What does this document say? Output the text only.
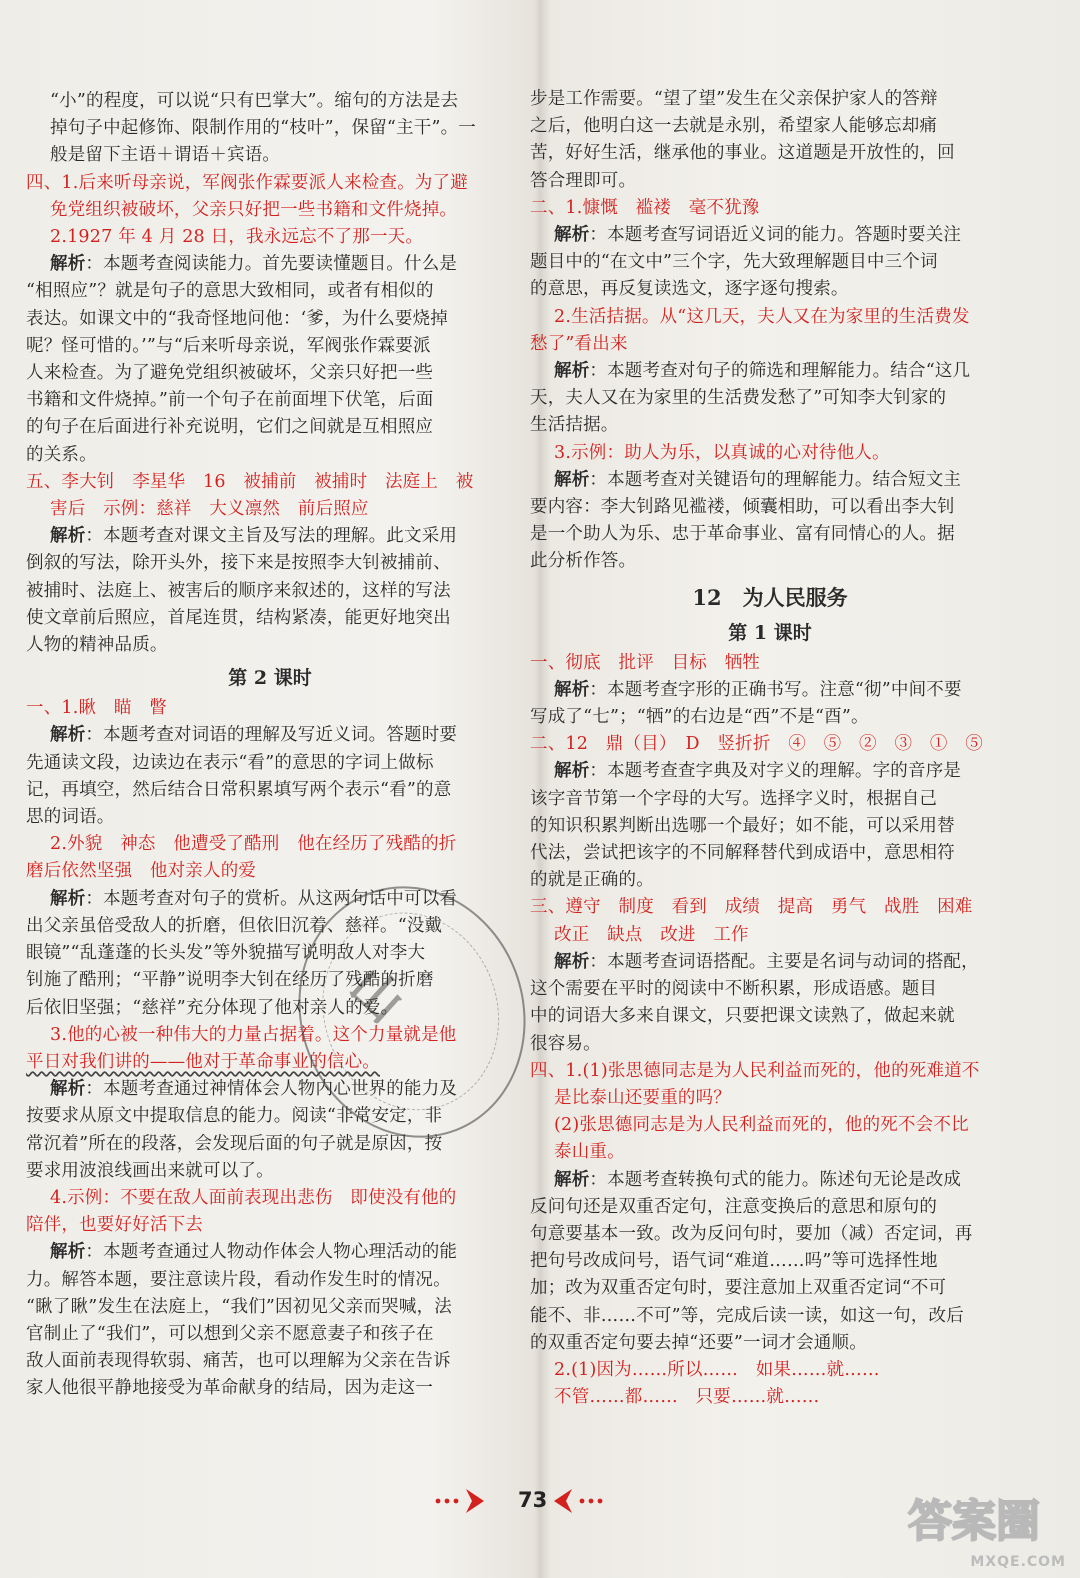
“小”的程度，可以说“只有巴掌大”。缩句的方法是去

掉句子中起修饰、限制作用的“枝叶”，保留“主干”。一

般是留下主语＋谓语＋宾语。

四、1.后来听母亲说，军阀张作霖要派人来检查。为了避

免党组织被破坏，父亲只好把一些书籍和文件烧掉。

2.1927 年 4 月 28 日，我永远忘不了那一天。

解析：本题考查阅读能力。首先要读懂题目。什么是

“相照应”？就是句子的意思大致相同，或者有相似的

表达。如课文中的“我奇怪地问他：‘爹，为什么要烧掉

呢？怪可惜的。’”与“后来听母亲说，军阀张作霖要派

人来检查。为了避免党组织被破坏，父亲只好把一些

书籍和文件烧掉。”前一个句子在前面埋下伏笔，后面

的句子在后面进行补充说明，它们之间就是互相照应

的关系。

五、李大钊　李星华　16　被捕前　被捕时　法庭上　被

害后　示例：慈祥　大义凛然　前后照应

解析：本题考查对课文主旨及写法的理解。此文采用

倒叙的写法，除开头外，接下来是按照李大钊被捕前、

被捕时、法庭上、被害后的顺序来叙述的，这样的写法

使文章前后照应，首尾连贯，结构紧凑，能更好地突出

人物的精神品质。

第 2 课时

一、1.瞅　瞄　瞥

解析：本题考查对词语的理解及写近义词。答题时要

先通读文段，边读边在表示“看”的意思的字词上做标

记，再填空，然后结合日常积累填写两个表示“看”的意

思的词语。

2.外貌　神态　他遭受了酷刑　他在经历了残酷的折

磨后依然坚强　他对亲人的爱

解析：本题考查对句子的赏析。从这两句话中可以看

出父亲虽倍受敌人的折磨，但依旧沉着、慈祥。“没戴

眼镜”“乱蓬蓬的长头发”等外貌描写说明敌人对李大

钊施了酷刑；“平静”说明李大钊在经历了残酷的折磨

后依旧坚强；“慈祥”充分体现了他对亲人的爱。

3.他的心被一种伟大的力量占据着。这个力量就是他

平日对我们讲的——他对于革命事业的信心。

解析：本题考查通过神情体会人物内心世界的能力及

按要求从原文中提取信息的能力。阅读“非常安定，非

常沉着”所在的段落，会发现后面的句子就是原因，按

要求用波浪线画出来就可以了。

4.示例：不要在敌人面前表现出悲伤　即使没有他的

陪伴，也要好好活下去

解析：本题考查通过人物动作体会人物心理活动的能

力。解答本题，要注意读片段，看动作发生时的情况。

“瞅了瞅”发生在法庭上，“我们”因初见父亲而哭喊，法

官制止了“我们”，可以想到父亲不愿意妻子和孩子在

敌人面前表现得软弱、痛苦，也可以理解为父亲在告诉

家人他很平静地接受为革命献身的结局，因为走这一

步是工作需要。“望了望”发生在父亲保护家人的答辩

之后，他明白这一去就是永别，希望家人能够忘却痛

苦，好好生活，继承他的事业。这道题是开放性的，回

答合理即可。

二、1.慷慨　褴褛　毫不犹豫

解析：本题考查写词语近义词的能力。答题时要关注

题目中的“在文中”三个字，先大致理解题目中三个词

的意思，再反复读选文，逐字逐句搜索。

2.生活拮据。从“这几天，夫人又在为家里的生活费发

愁了”看出来

解析：本题考查对句子的筛选和理解能力。结合“这几

天，夫人又在为家里的生活费发愁了”可知李大钊家的

生活拮据。

3.示例：助人为乐，以真诚的心对待他人。

解析：本题考查对关键语句的理解能力。结合短文主

要内容：李大钊路见褴褛，倾囊相助，可以看出李大钊

是一个助人为乐、忠于革命事业、富有同情心的人。据

此分析作答。

12　为人民服务
第 1 课时

一、彻底　批评　目标　牺牲

解析：本题考查字形的正确书写。注意“彻”中间不要

写成了“七”；“牺”的右边是“西”不是“酉”。

二、12　鼎（目）　D　竖折折　④　⑤　②　③　①　⑤

解析：本题考查查字典及对字义的理解。字的音序是

该字音节第一个字母的大写。选择字义时，根据自己

的知识积累判断出选哪一个最好；如不能，可以采用替

代法，尝试把该字的不同解释替代到成语中，意思相符

的就是正确的。

三、遵守　制度　看到　成绩　提高　勇气　战胜　困难

改正　缺点　改进　工作

解析：本题考查词语搭配。主要是名词与动词的搭配，

这个需要在平时的阅读中不断积累，形成语感。题目

中的词语大多来自课文，只要把课文读熟了，做起来就

很容易。

四、1.(1)张思德同志是为人民利益而死的，他的死难道不

是比泰山还要重的吗？

(2)张思德同志是为人民利益而死的，他的死不会不比

泰山重。

解析：本题考查转换句式的能力。陈述句无论是改成

反问句还是双重否定句，注意变换后的意思和原句的

句意要基本一致。改为反问句时，要加（减）否定词，再

把句号改成问号，语气词“难道……吗”等可选择性地

加；改为双重否定句时，要注意加上双重否定词“不可

能不、非……不可”等，完成后读一读，如这一句，改后

的双重否定句要去掉“还要”一词才会通顺。

2.(1)因为……所以……　如果……就……

不管……都……　只要……就……

山
73	答案圈
MXQE.COM
